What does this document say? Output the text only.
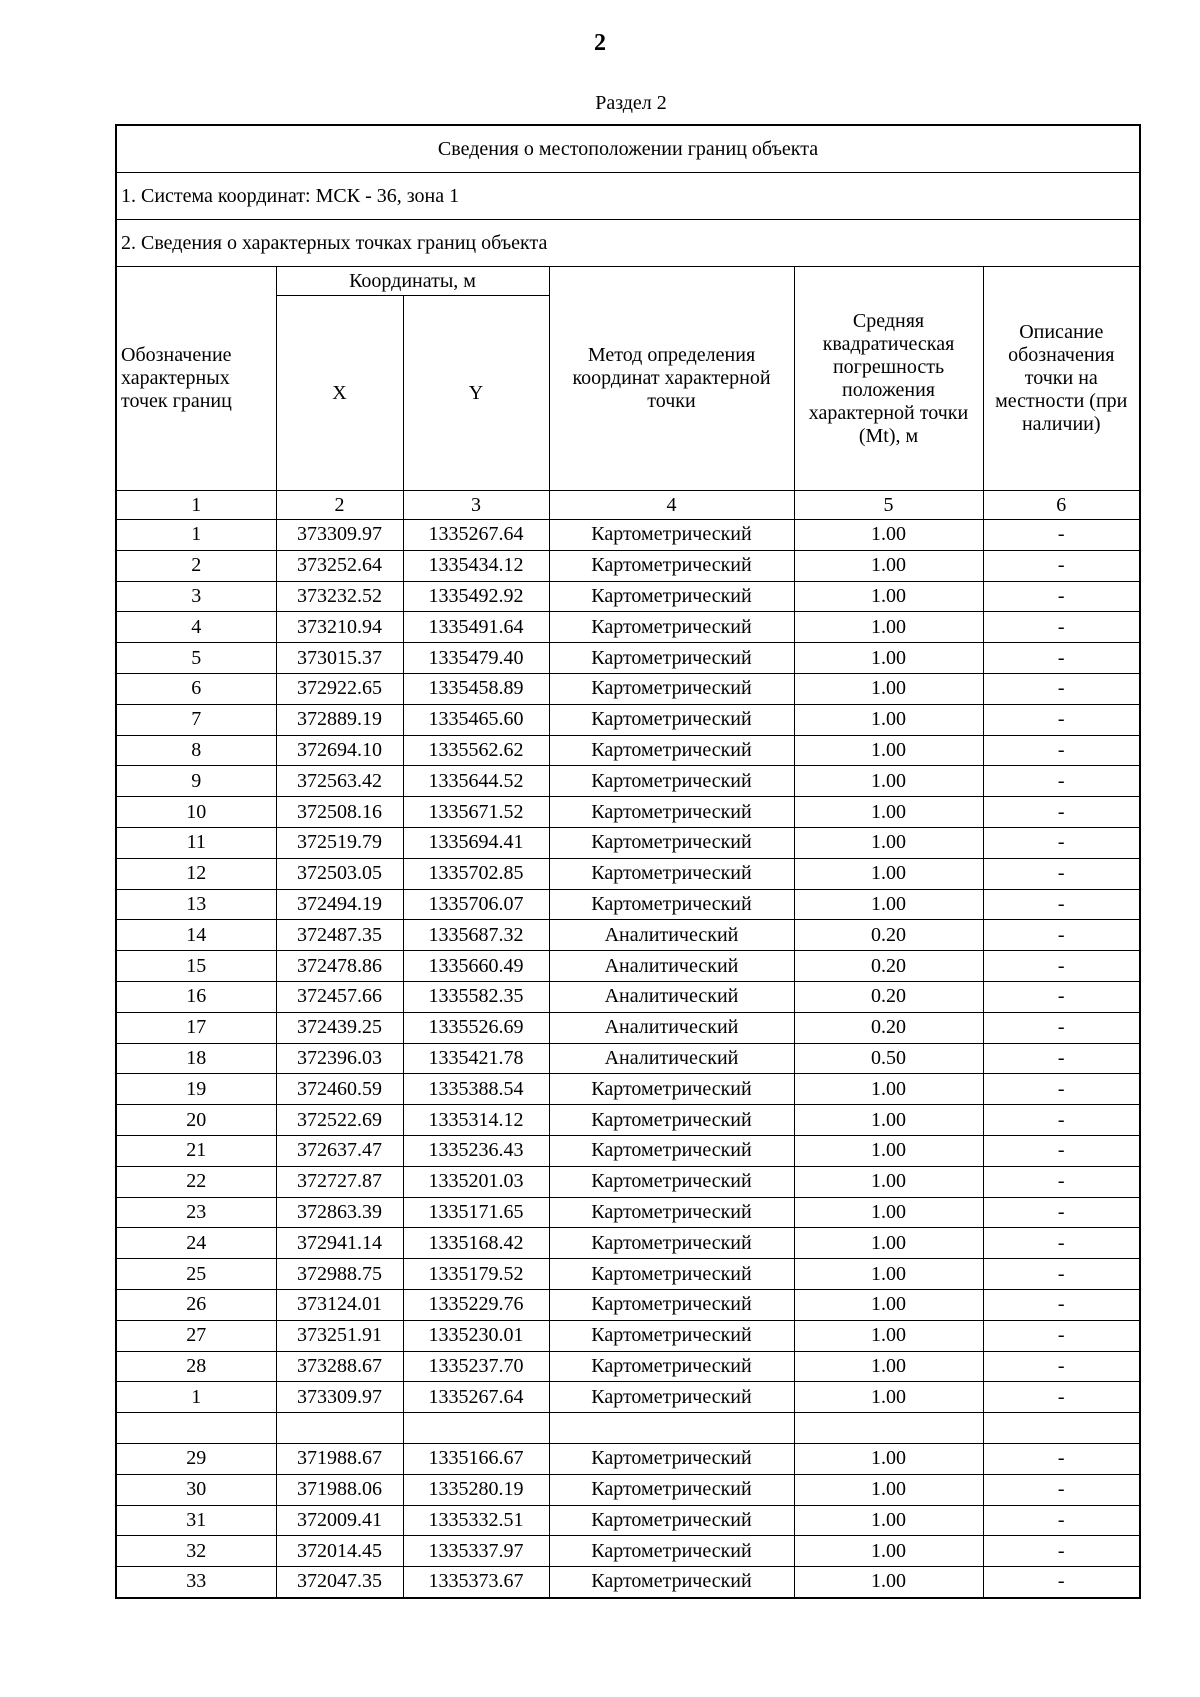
2
Раздел 2
Сведения о местоположении границ объекта					
1. Система координат: МСК - 36, зона 1					
2. Сведения о характерных точках границ объекта					
Обозначение характерных точек границ	Координаты, м		Метод определения координат характерной точки	Средняя квадратическая погрешность положения характерной точки (Mt), м	Описание обозначения точки на местности (при наличии)
	X	Y			
1	2	3	4	5	6
1	373309.97	1335267.64	Картометрический	1.00	-
2	373252.64	1335434.12	Картометрический	1.00	-
3	373232.52	1335492.92	Картометрический	1.00	-
4	373210.94	1335491.64	Картометрический	1.00	-
5	373015.37	1335479.40	Картометрический	1.00	-
6	372922.65	1335458.89	Картометрический	1.00	-
7	372889.19	1335465.60	Картометрический	1.00	-
8	372694.10	1335562.62	Картометрический	1.00	-
9	372563.42	1335644.52	Картометрический	1.00	-
10	372508.16	1335671.52	Картометрический	1.00	-
11	372519.79	1335694.41	Картометрический	1.00	-
12	372503.05	1335702.85	Картометрический	1.00	-
13	372494.19	1335706.07	Картометрический	1.00	-
14	372487.35	1335687.32	Аналитический	0.20	-
15	372478.86	1335660.49	Аналитический	0.20	-
16	372457.66	1335582.35	Аналитический	0.20	-
17	372439.25	1335526.69	Аналитический	0.20	-
18	372396.03	1335421.78	Аналитический	0.50	-
19	372460.59	1335388.54	Картометрический	1.00	-
20	372522.69	1335314.12	Картометрический	1.00	-
21	372637.47	1335236.43	Картометрический	1.00	-
22	372727.87	1335201.03	Картометрический	1.00	-
23	372863.39	1335171.65	Картометрический	1.00	-
24	372941.14	1335168.42	Картометрический	1.00	-
25	372988.75	1335179.52	Картометрический	1.00	-
26	373124.01	1335229.76	Картометрический	1.00	-
27	373251.91	1335230.01	Картометрический	1.00	-
28	373288.67	1335237.70	Картометрический	1.00	-
1	373309.97	1335267.64	Картометрический	1.00	-

29	371988.67	1335166.67	Картометрический	1.00	-
30	371988.06	1335280.19	Картометрический	1.00	-
31	372009.41	1335332.51	Картометрический	1.00	-
32	372014.45	1335337.97	Картометрический	1.00	-
33	372047.35	1335373.67	Картометрический	1.00	-
